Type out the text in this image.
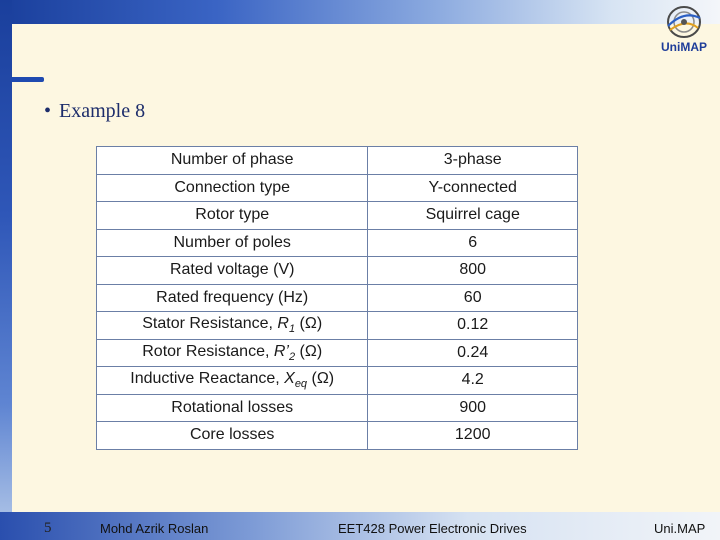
UniMAP
• Example 8
Number of phase	3-phase
Connection type	Y-connected
Rotor type	Squirrel cage
Number of poles	6
Rated voltage (V)	800
Rated frequency (Hz)	60
Stator Resistance, $R_1$ (Ω)	0.12
Rotor Resistance, $R’_2$ (Ω)	0.24
Inductive Reactance, $X_{eq}$ (Ω)	4.2
Rotational losses	900
Core losses	1200
5	Mohd Azrik Roslan	EET428 Power Electronic Drives	Uni.MAP
